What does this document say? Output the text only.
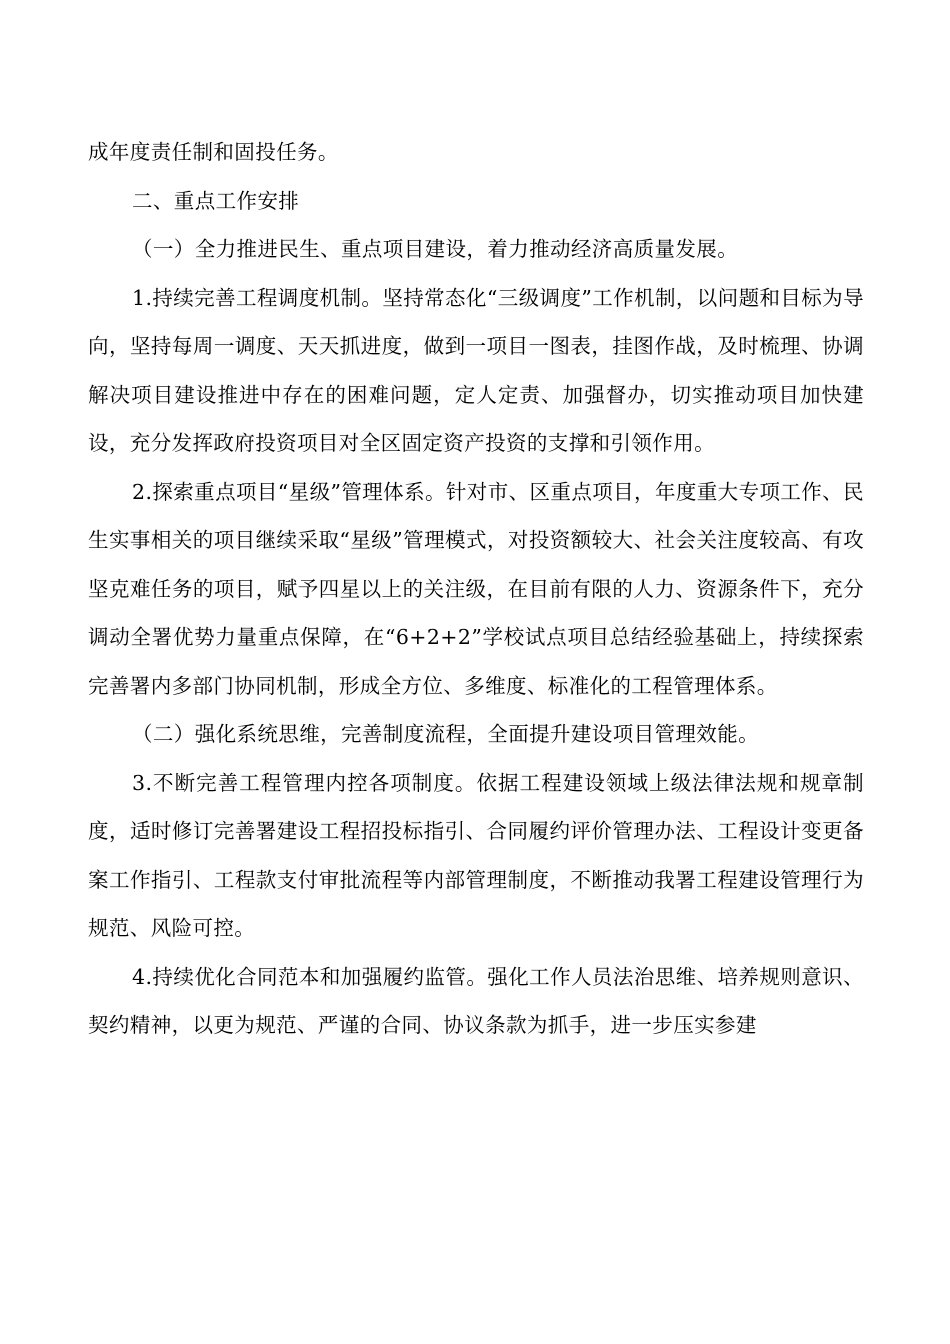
成年度责任制和固投任务。

二、重点工作安排

（一）全力推进民生、重点项目建设，着力推动经济高质量发展。

1.持续完善工程调度机制。坚持常态化“三级调度”工作机制，以问题和目标为导向，坚持每周一调度、天天抓进度，做到一项目一图表，挂图作战，及时梳理、协调解决项目建设推进中存在的困难问题，定人定责、加强督办，切实推动项目加快建设，充分发挥政府投资项目对全区固定资产投资的支撑和引领作用。

2.探索重点项目“星级”管理体系。针对市、区重点项目，年度重大专项工作、民生实事相关的项目继续采取“星级”管理模式，对投资额较大、社会关注度较高、有攻坚克难任务的项目，赋予四星以上的关注级，在目前有限的人力、资源条件下，充分调动全署优势力量重点保障，在“6+2+2”学校试点项目总结经验基础上，持续探索完善署内多部门协同机制，形成全方位、多维度、标准化的工程管理体系。

（二）强化系统思维，完善制度流程，全面提升建设项目管理效能。

3.不断完善工程管理内控各项制度。依据工程建设领域上级法律法规和规章制度，适时修订完善署建设工程招投标指引、合同履约评价管理办法、工程设计变更备案工作指引、工程款支付审批流程等内部管理制度，不断推动我署工程建设管理行为规范、风险可控。

4.持续优化合同范本和加强履约监管。强化工作人员法治思维、培养规则意识、契约精神，以更为规范、严谨的合同、协议条款为抓手，进一步压实参建
